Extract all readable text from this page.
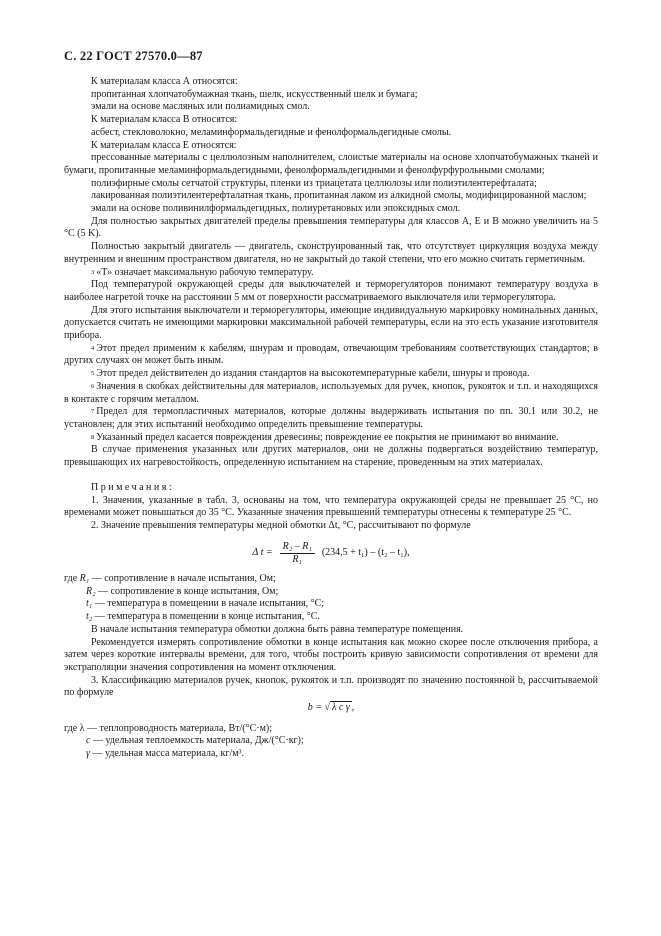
С. 22 ГОСТ 27570.0—87

К материалам класса А относятся:

пропитанная хлопчатобумажная ткань, шелк, искусственный шелк и бумага;

эмали на основе масляных или полиамидных смол.

К материалам класса В относятся:

асбест, стекловолокно, меламинформальдегидные и фенолформальдегидные смолы.

К материалам класса Е относятся:

прессованные материалы с целлюлозным наполнителем, слоистые материалы на основе хлопчатобумажных тканей и бумаги, пропитанные меламинформальдегидными, фенолформальдегидными и фенолфурфурольными смолами;

полиэфирные смолы сетчатой структуры, пленки из триацетата целлюлозы или полиэтилентерефталата;

лакированная полиэтилентерефталатная ткань, пропитанная лаком из алкидной смолы, модифицированной маслом;

эмали на основе поливинилформальдегидных, полиуретановых или эпоксидных смол.

Для полностью закрытых двигателей пределы превышения температуры для классов А, Е и В можно увеличить на 5 °С (5 K).

Полностью закрытый двигатель — двигатель, сконструированный так, что отсутствует циркуляция воздуха между внутренним и внешним пространством двигателя, но не закрытый до такой степени, что его можно считать герметичным.

$^3$ «Т» означает максимальную рабочую температуру.

Под температурой окружающей среды для выключателей и терморегуляторов понимают температуру воздуха в наиболее нагретой точке на расстоянии 5 мм от поверхности рассматриваемого выключателя или терморегулятора.

Для этого испытания выключатели и терморегуляторы, имеющие индивидуальную маркировку номинальных данных, допускается считать не имеющими маркировки максимальной рабочей температуры, если на это есть указание изготовителя прибора.

$^4$ Этот предел применим к кабелям, шнурам и проводам, отвечающим требованиям соответствующих стандартов; в других случаях он может быть иным.

$^5$ Этот предел действителен до издания стандартов на высокотемпературные кабели, шнуры и провода.

$^6$ Значения в скобках действительны для материалов, используемых для ручек, кнопок, рукояток и т.п. и находящихся в контакте с горячим металлом.

$^7$ Предел для термопластичных материалов, которые должны выдерживать испытания по пп. 30.1 или 30.2, не установлен; для этих испытаний необходимо определить превышение температуры.

$^8$ Указанный предел касается повреждения древесины; повреждение ее покрытия не принимают во внимание.

В случае применения указанных или других материалов, они не должны подвергаться воздействию температур, превышающих их нагревостойкость, определенную испытанием на старение, проведенным на этих материалах.

Примечания:

1. Значения, указанные в табл. 3, основаны на том, что температура окружающей среды не превышает 25 °С, но временами может повышаться до 35 °С. Указанные значения превышений температуры отнесены к температуре 25 °С.

2. Значение превышения температуры медной обмотки Δt, °С, рассчитывают по формуле

Δ $t = \frac{\text{R₂ – R₁}}{\text{R₁}} (234,5 + t_1) - (t_2 - t_1)$,
где R₁ — сопротивление в начале испытания, Ом;
R₂ — сопротивление в конце испытания, Ом;
t₁ — температура в помещении в начале испытания, °С;
t₂ — температура в помещении в конце испытания, °С.

В начале испытания температура обмотки должна быть равна температуре помещения.

Рекомендуется измерять сопротивление обмотки в конце испытания как можно скорее после отключения прибора, а затем через короткие интервалы времени, для того, чтобы построить кривую зависимости сопротивления от времени для экстраполяции значения сопротивления на момент отключения.

3. Классификацию материалов ручек, кнопок, рукояток и т.п. производят по значению постоянной b, рассчитываемой по формуле

b = √ λ c γ ,
где λ — теплопроводность материала, Вт/(°С·м);
c — удельная теплоемкость материала, Дж/(°С·кг);
γ — удельная масса материала, кг/м³.
